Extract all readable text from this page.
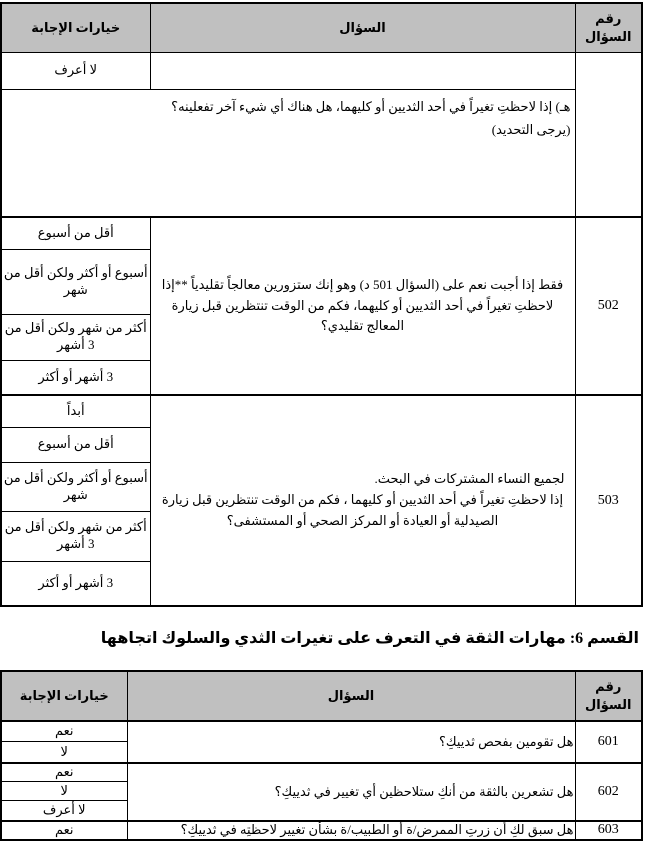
رقم السؤال	السؤال	خيارات الإجابة
		لا أعرف

	هـ) إذا لاحظتِ تغيراً في أحد الثديين أو كليهما، هل هناك أي شيء آخر تفعلينه؟
(يرجى التحديد)	

502	فقط إذا أجبت نعم على (السؤال 501 د) وهو إنك ستزورين معالجاً تقليدياً **إذا لاحظتِ تغيراً في أحد الثديين أو كليهما، فكم من الوقت تنتظرين قبل زيارة المعالج تقليدي؟	أقل من أسبوع
		أسبوع أو أكثر ولكن أقل من شهر
		أكثر من شهر ولكن أقل من 3 أشهر
		3 أشهر أو أكثر
503	لجميع النساء المشتركات في البحث.
إذا لاحظتِ تغيراً في أحد الثديين أو كليهما ، فكم من الوقت تنتظرين قبل زيارة الصيدلية أو العيادة أو المركز الصحي أو المستشفى؟	أبداً
		أقل من أسبوع
		أسبوع أو أكثر ولكن أقل من شهر
		أكثر من شهر ولكن أقل من 3 أشهر
		3 أشهر أو أكثر
القسم 6: مهارات الثقة في التعرف على تغيرات الثدي والسلوك اتجاهها
رقم السؤال	السؤال	خيارات الإجابة
601	هل تقومين بفحص ثدييكِ؟	نعم
		لا
602	هل تشعرين بالثقة من أنكِ ستلاحظين أي تغيير في ثدييكِ؟	نعم
		لا
		لا أعرف
603	هل سبق لكِ أن زرتِ الممرض/ة أو الطبيب/ة بشأن تغيير لاحظتِه في ثدييكِ؟	نعم
